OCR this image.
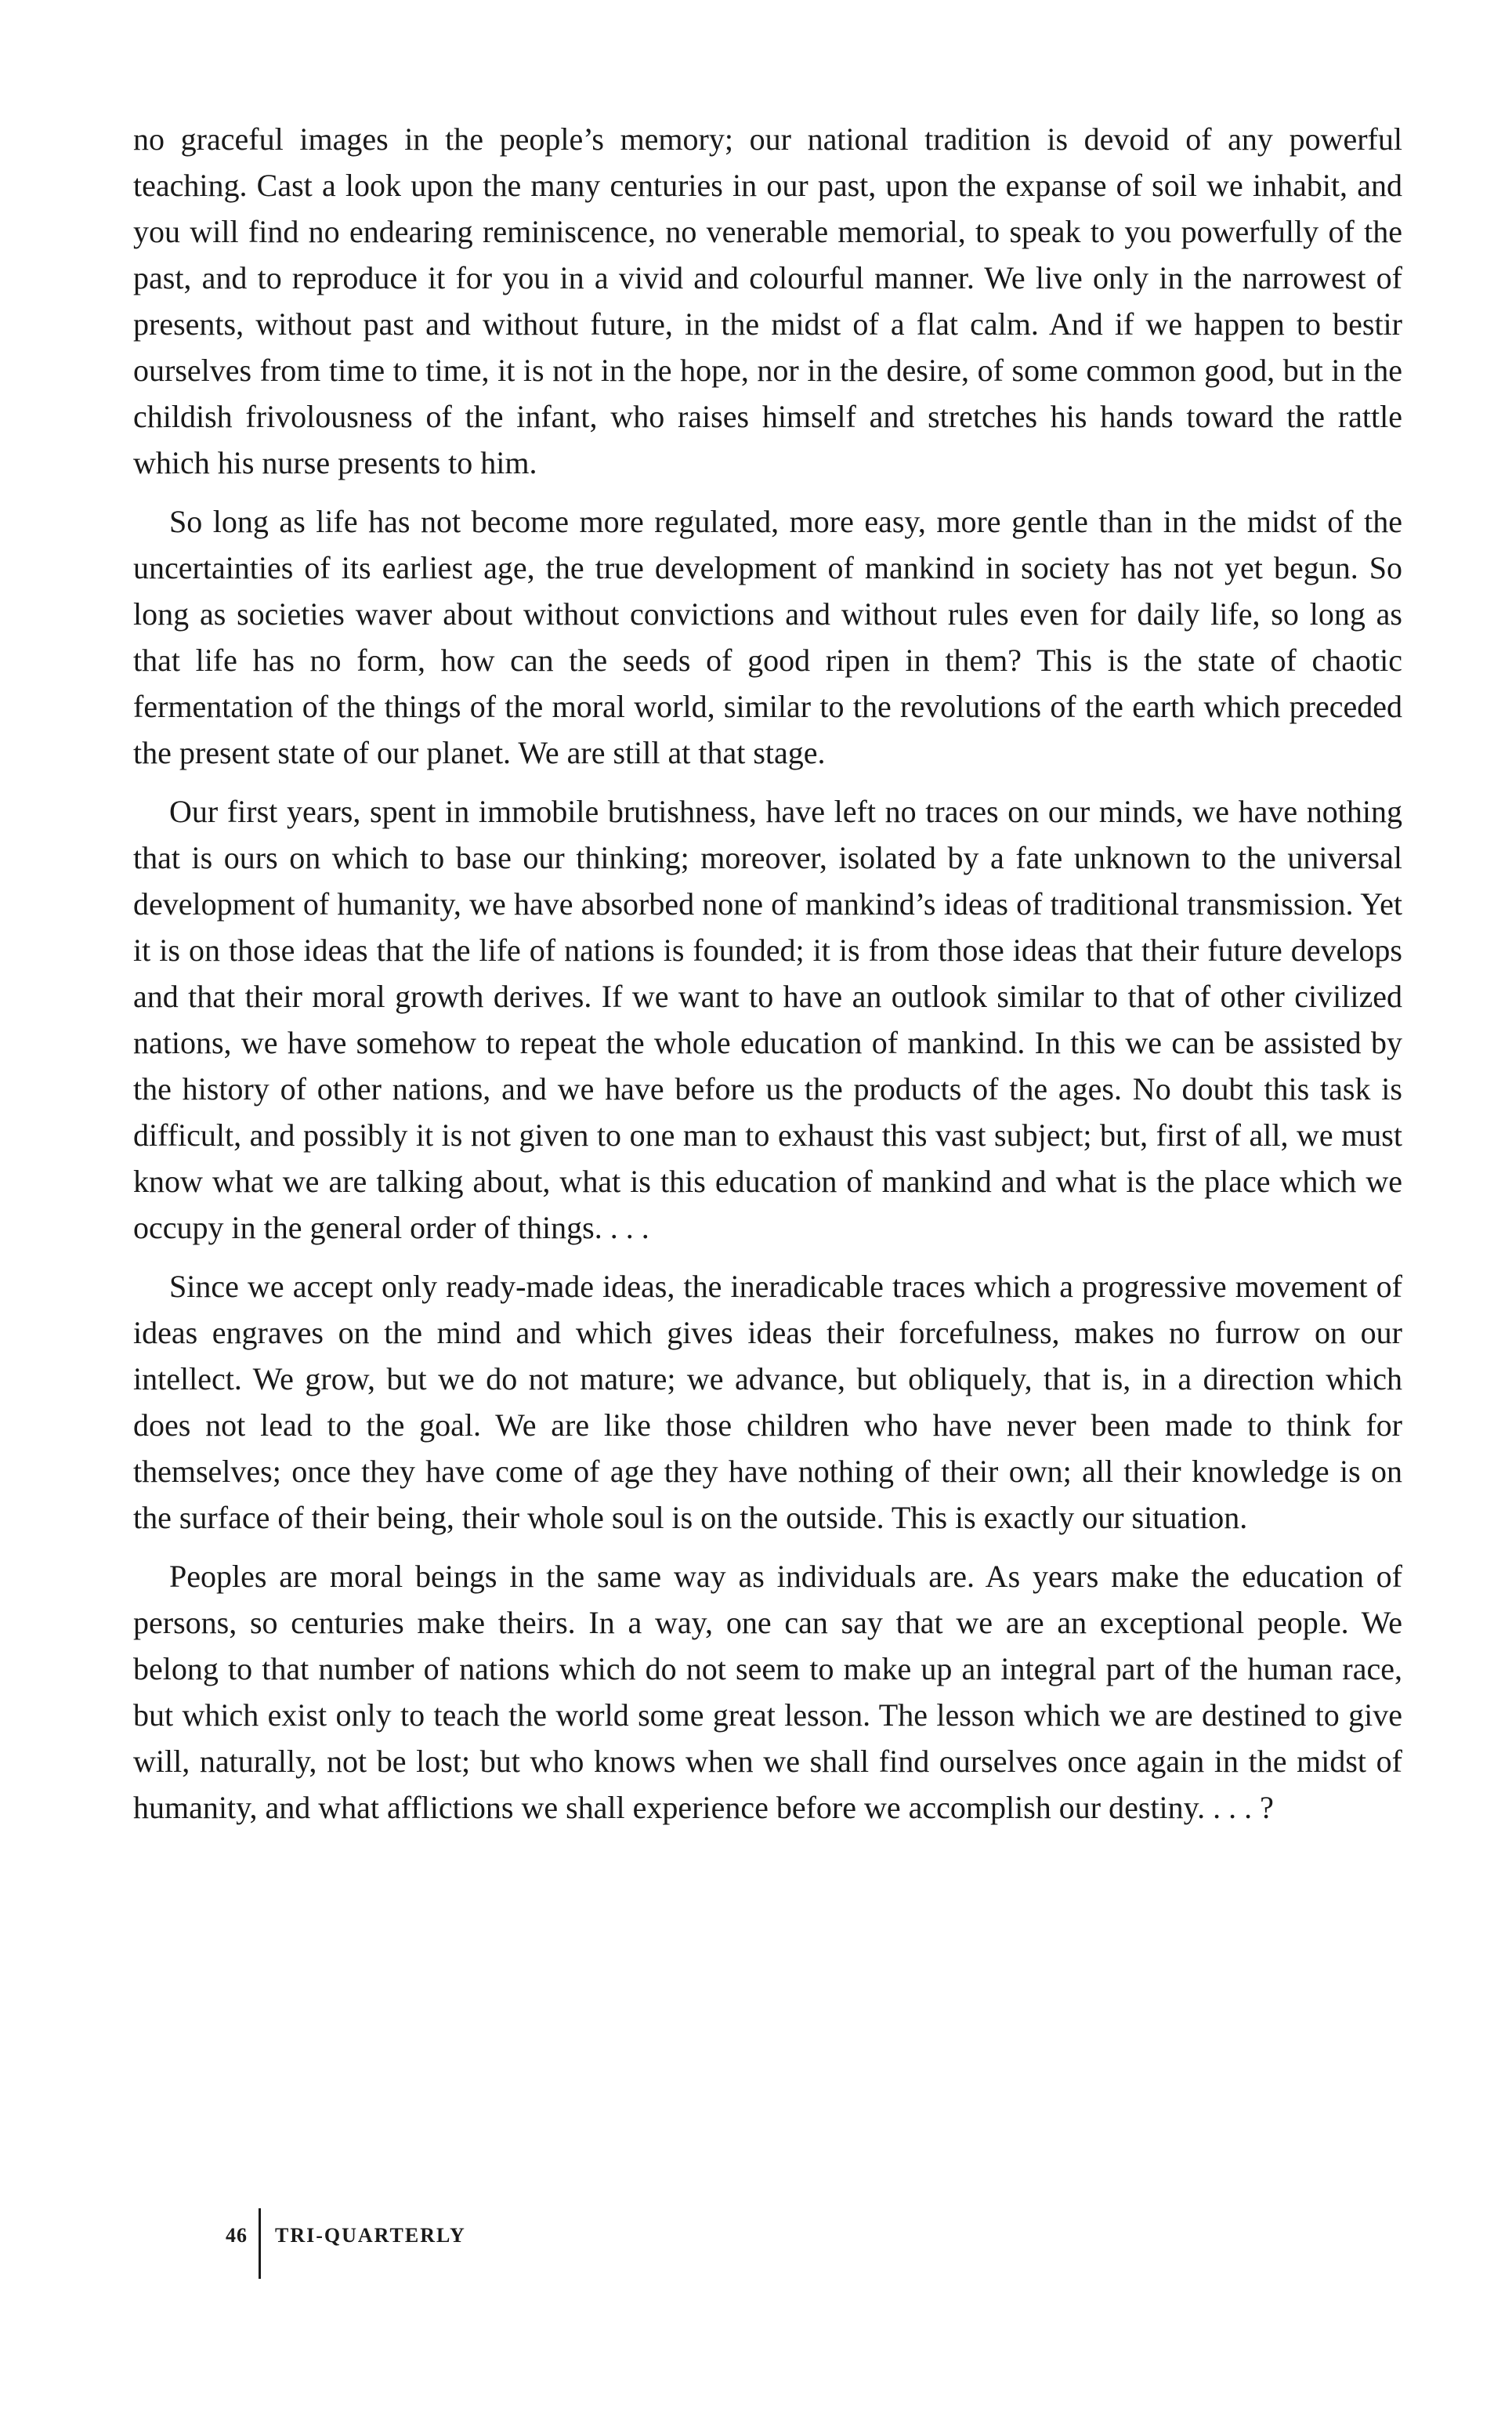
no graceful images in the people’s memory; our national tradition is devoid of any powerful teaching. Cast a look upon the many centuries in our past, upon the expanse of soil we inhabit, and you will find no endearing reminiscence, no venerable memorial, to speak to you powerfully of the past, and to reproduce it for you in a vivid and colourful manner. We live only in the narrowest of presents, without past and without future, in the midst of a flat calm. And if we happen to bestir ourselves from time to time, it is not in the hope, nor in the desire, of some common good, but in the childish frivolousness of the infant, who raises himself and stretches his hands toward the rattle which his nurse presents to him.

So long as life has not become more regulated, more easy, more gentle than in the midst of the uncertainties of its earliest age, the true development of mankind in society has not yet begun. So long as societies waver about without convictions and without rules even for daily life, so long as that life has no form, how can the seeds of good ripen in them? This is the state of chaotic fermentation of the things of the moral world, similar to the revolutions of the earth which preceded the present state of our planet. We are still at that stage.

Our first years, spent in immobile brutishness, have left no traces on our minds, we have nothing that is ours on which to base our thinking; moreover, isolated by a fate unknown to the universal development of humanity, we have absorbed none of mankind’s ideas of traditional transmission. Yet it is on those ideas that the life of nations is founded; it is from those ideas that their future develops and that their moral growth derives. If we want to have an outlook similar to that of other civilized nations, we have somehow to repeat the whole education of mankind. In this we can be assisted by the history of other nations, and we have before us the products of the ages. No doubt this task is difficult, and possibly it is not given to one man to exhaust this vast subject; but, first of all, we must know what we are talking about, what is this education of mankind and what is the place which we occupy in the general order of things. . . .

Since we accept only ready-made ideas, the ineradicable traces which a progressive movement of ideas engraves on the mind and which gives ideas their forcefulness, makes no furrow on our intellect. We grow, but we do not mature; we advance, but obliquely, that is, in a direction which does not lead to the goal. We are like those children who have never been made to think for themselves; once they have come of age they have nothing of their own; all their knowledge is on the surface of their being, their whole soul is on the outside. This is exactly our situation.

Peoples are moral beings in the same way as individuals are. As years make the education of persons, so centuries make theirs. In a way, one can say that we are an exceptional people. We belong to that number of nations which do not seem to make up an integral part of the human race, but which exist only to teach the world some great lesson. The lesson which we are destined to give will, naturally, not be lost; but who knows when we shall find ourselves once again in the midst of humanity, and what afflictions we shall experience before we accomplish our destiny. . . . ?

46	TRI-QUARTERLY
